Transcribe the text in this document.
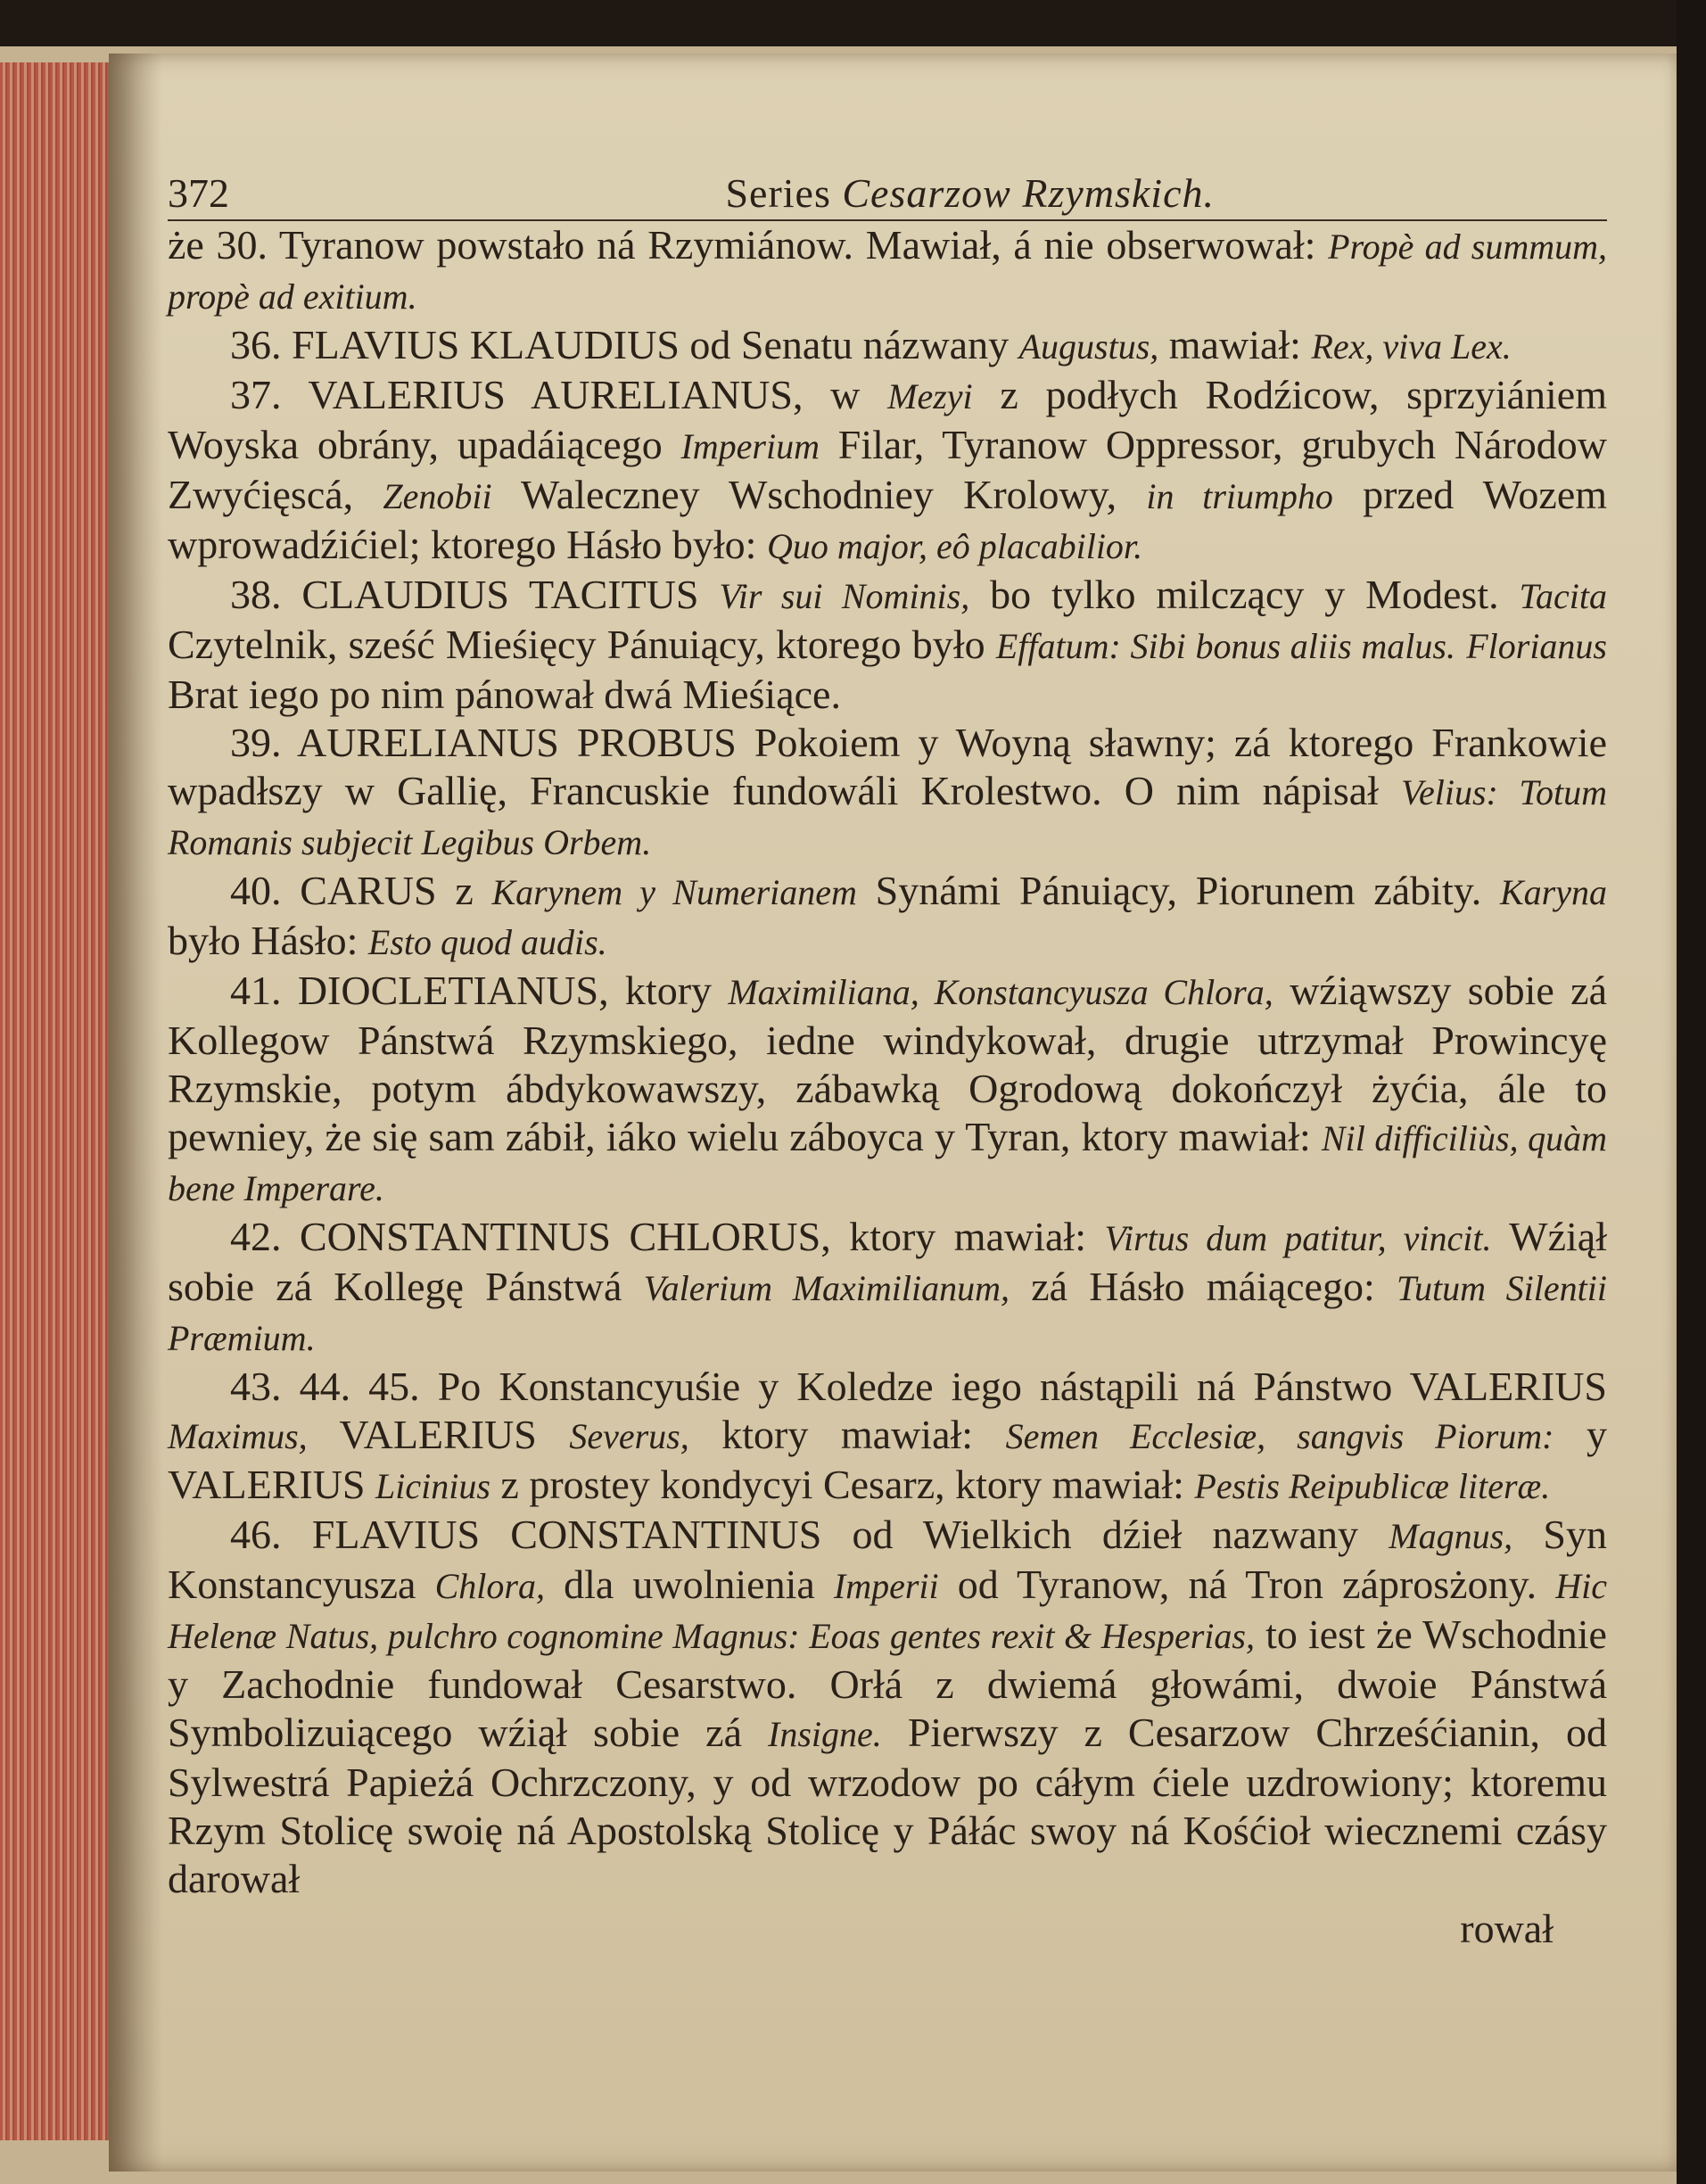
372	Series Cesarzow Rzymskich.

że 30. Tyranow powstało ná Rzymiánow. Mawiał, á nie obserwował: Propè ad summum, propè ad exitium.

36. FLAVIUS KLAUDIUS od Senatu názwany Augustus, mawiał: Rex, viva Lex.

37. VALERIUS AURELIANUS, w Mezyi z podłych Rodźicow, sprzyiániem Woyska obrány, upadáiącego Imperium Filar, Tyranow Oppressor, grubych Národow Zwyćięscá, Zenobii Waleczney Wschodniey Krolowy, in triumpho przed Wozem wprowadźićiel; ktorego Hásło było: Quo major, eô placabilior.

38. CLAUDIUS TACITUS Vir sui Nominis, bo tylko milczący y Modest. Tacita Czytelnik, sześć Mieśięcy Pánuiący, ktorego było Effatum: Sibi bonus aliis malus. Florianus Brat iego po nim pánował dwá Mieśiące.

39. AURELIANUS PROBUS Pokoiem y Woyną sławny; zá ktorego Frankowie wpadłszy w Gallię, Francuskie fundowáli Krolestwo. O nim nápisał Velius: Totum Romanis subjecit Legibus Orbem.

40. CARUS z Karynem y Numerianem Synámi Pánuiący, Piorunem zábity. Karyna było Hásło: Esto quod audis.

41. DIOCLETIANUS, ktory Maximiliana, Konstancyusza Chlora, wźiąwszy sobie zá Kollegow Pánstwá Rzymskiego, iedne windykował, drugie utrzymał Prowincyę Rzymskie, potym ábdykowawszy, zábawką Ogrodową dokończył żyćia, ále to pewniey, że się sam zábił, iáko wielu záboyca y Tyran, ktory mawiał: Nil difficiliùs, quàm bene Imperare.

42. CONSTANTINUS CHLORUS, ktory mawiał: Virtus dum patitur, vincit. Wźiął sobie zá Kollegę Pánstwá Valerium Maximilianum, zá Hásło máiącego: Tutum Silentii Præmium.

43. 44. 45. Po Konstancyuśie y Koledze iego nástąpili ná Pánstwo VALERIUS Maximus, VALERIUS Severus, ktory mawiał: Semen Ecclesiæ, sangvis Piorum: y VALERIUS Licinius z prostey kondycyi Cesarz, ktory mawiał: Pestis Reipublicæ literæ.

46. FLAVIUS CONSTANTINUS od Wielkich dźieł nazwany Magnus, Syn Konstancyusza Chlora, dla uwolnienia Imperii od Tyranow, ná Tron záprosżony. Hic Helenæ Natus, pulchro cognomine Magnus: Eoas gentes rexit & Hesperias, to iest że Wschodnie y Zachodnie fundował Cesarstwo. Orłá z dwiemá głowámi, dwoie Pánstwá Symbolizuiącego wźiął sobie zá Insigne. Pierwszy z Cesarzow Chrześćianin, od Sylwestrá Papieżá Ochrzczony, y od wrzodow po cáłym ćiele uzdrowiony; ktoremu Rzym Stolicę swoię ná Apostolską Stolicę y Páłác swoy ná Kośćioł wiecznemi czásy darował

rował
